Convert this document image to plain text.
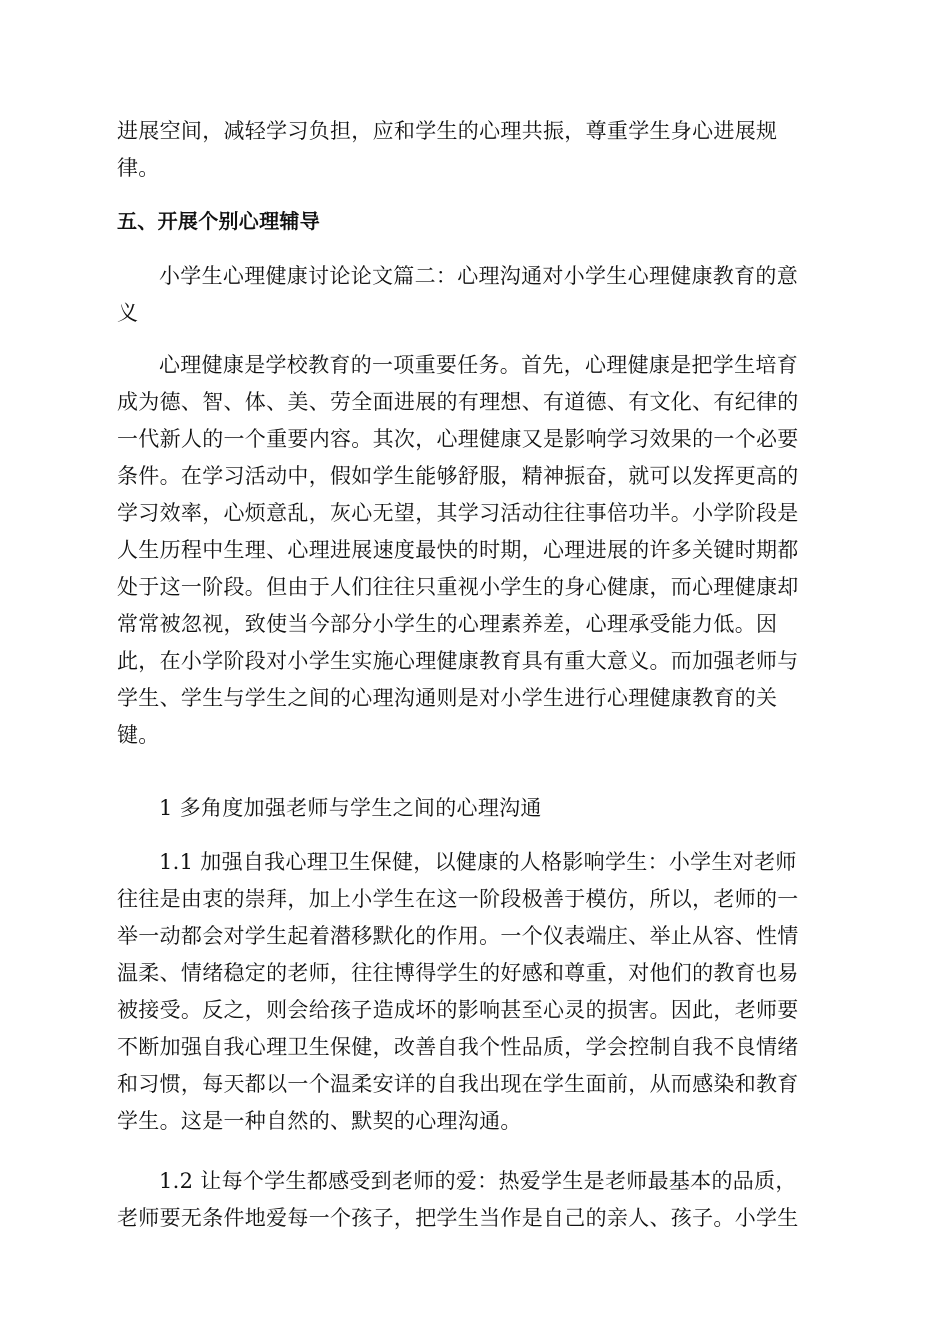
进展空间，减轻学习负担，应和学生的心理共振，尊重学生身心进展规
律。
五、开展个别心理辅导
小学生心理健康讨论论文篇二：心理沟通对小学生心理健康教育的意
义
心理健康是学校教育的一项重要任务。首先，心理健康是把学生培育
成为德、智、体、美、劳全面进展的有理想、有道德、有文化、有纪律的
一代新人的一个重要内容。其次，心理健康又是影响学习效果的一个必要
条件。在学习活动中，假如学生能够舒服，精神振奋，就可以发挥更高的
学习效率，心烦意乱，灰心无望，其学习活动往往事倍功半。小学阶段是
人生历程中生理、心理进展速度最快的时期，心理进展的许多关键时期都
处于这一阶段。但由于人们往往只重视小学生的身心健康，而心理健康却
常常被忽视，致使当今部分小学生的心理素养差，心理承受能力低。因
此，在小学阶段对小学生实施心理健康教育具有重大意义。而加强老师与
学生、学生与学生之间的心理沟通则是对小学生进行心理健康教育的关
键。
1 多角度加强老师与学生之间的心理沟通
1.1 加强自我心理卫生保健，以健康的人格影响学生：小学生对老师
往往是由衷的崇拜，加上小学生在这一阶段极善于模仿，所以，老师的一
举一动都会对学生起着潜移默化的作用。一个仪表端庄、举止从容、性情
温柔、情绪稳定的老师，往往博得学生的好感和尊重，对他们的教育也易
被接受。反之，则会给孩子造成坏的影响甚至心灵的损害。因此，老师要
不断加强自我心理卫生保健，改善自我个性品质，学会控制自我不良情绪
和习惯，每天都以一个温柔安详的自我出现在学生面前，从而感染和教育
学生。这是一种自然的、默契的心理沟通。
1.2 让每个学生都感受到老师的爱：热爱学生是老师最基本的品质，
老师要无条件地爱每一个孩子，把学生当作是自己的亲人、孩子。小学生
